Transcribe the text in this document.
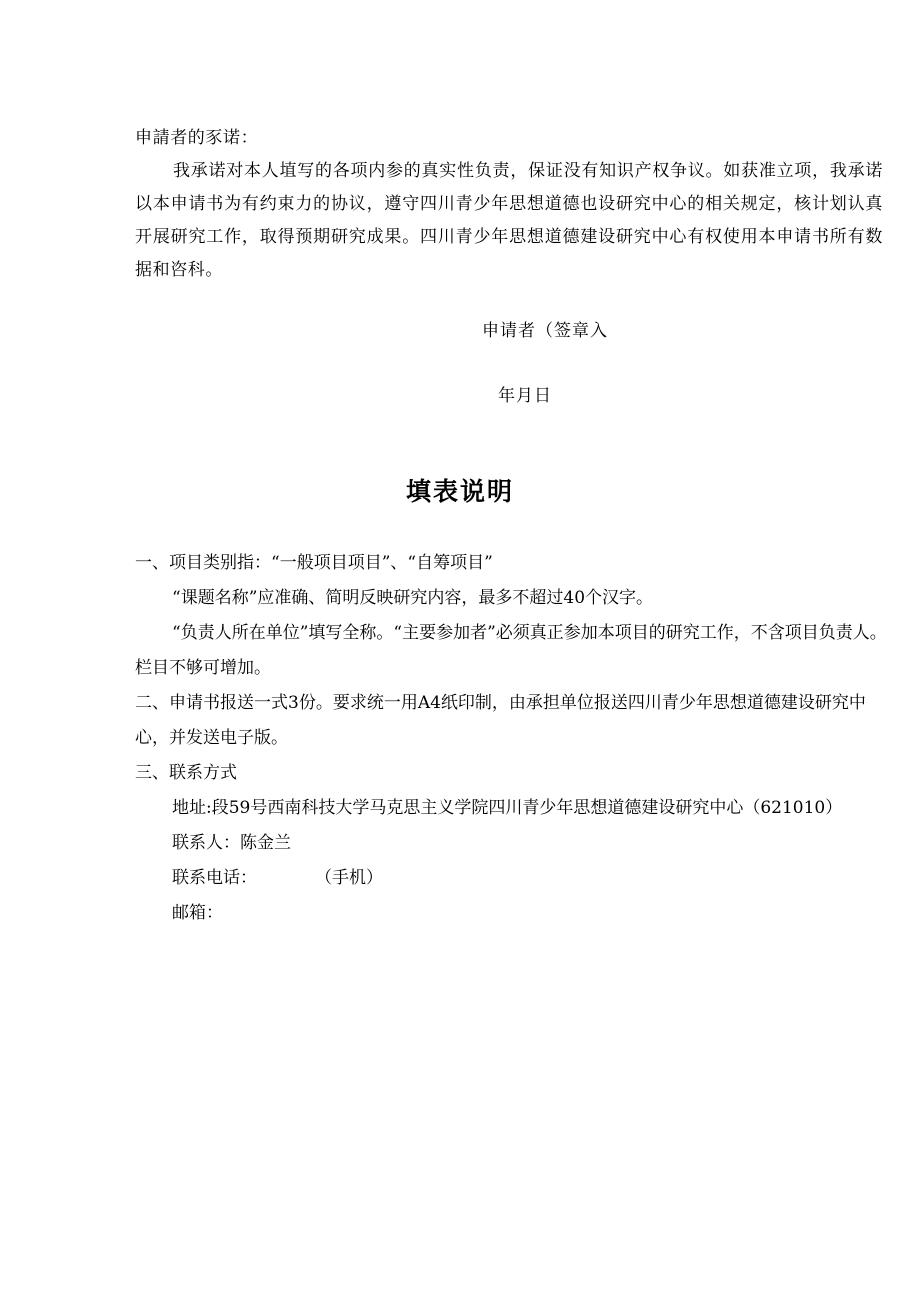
申請者的豕诺：

我承诺对本人埴写的各项内参的真实性负责，保证没有知识产权争议。如获准立项，我承诺以本申请书为有约束力的协议，遵守四川青少年思想道德也设研究中心的相关规定，核计划认真开展研究工作，取得预期研究成果。四川青少年思想道德建设研究中心有权使用本申请书所有数据和咨科。

申请者（签章入
年月日
填表说明

一、项目类别指：“一般项目项目”、“自筹项目”

“课题名称”应准确、简明反映研究内容，最多不超过40个汉字。

“负责人所在单位”填写全称。“主要参加者”必须真正参加本项目的研究工作，不含项目负责人。栏目不够可增加。

二、申请书报送一式3份。要求统一用A4纸印制，由承担单位报送四川青少年思想道德建设研究中心，并发送电子版。

三、联系方式

地址:段59号西南科技大学马克思主义学院四川青少年思想道德建设研究中心（621010）

联系人：陈金兰

联系电话：	（手机）

邮箱：
